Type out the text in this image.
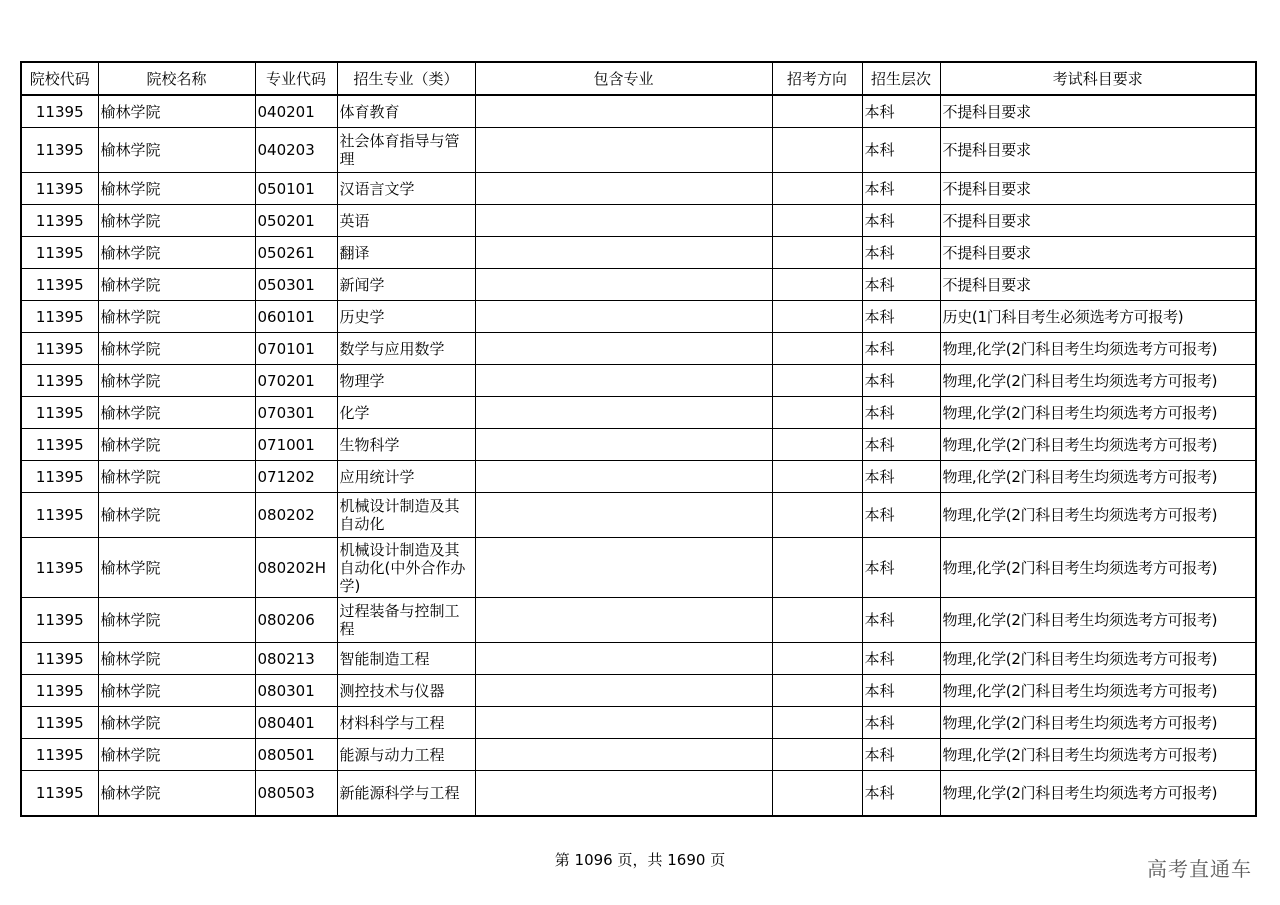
院校代码	院校名称	专业代码	招生专业（类）	包含专业	招考方向	招生层次	考试科目要求
11395	榆林学院	040201	体育教育			本科	不提科目要求
11395	榆林学院	040203	社会体育指导与管理			本科	不提科目要求
11395	榆林学院	050101	汉语言文学			本科	不提科目要求
11395	榆林学院	050201	英语			本科	不提科目要求
11395	榆林学院	050261	翻译			本科	不提科目要求
11395	榆林学院	050301	新闻学			本科	不提科目要求
11395	榆林学院	060101	历史学			本科	历史(1门科目考生必须选考方可报考)
11395	榆林学院	070101	数学与应用数学			本科	物理,化学(2门科目考生均须选考方可报考)
11395	榆林学院	070201	物理学			本科	物理,化学(2门科目考生均须选考方可报考)
11395	榆林学院	070301	化学			本科	物理,化学(2门科目考生均须选考方可报考)
11395	榆林学院	071001	生物科学			本科	物理,化学(2门科目考生均须选考方可报考)
11395	榆林学院	071202	应用统计学			本科	物理,化学(2门科目考生均须选考方可报考)
11395	榆林学院	080202	机械设计制造及其自动化			本科	物理,化学(2门科目考生均须选考方可报考)
11395	榆林学院	080202H	机械设计制造及其自动化(中外合作办学)			本科	物理,化学(2门科目考生均须选考方可报考)
11395	榆林学院	080206	过程装备与控制工程			本科	物理,化学(2门科目考生均须选考方可报考)
11395	榆林学院	080213	智能制造工程			本科	物理,化学(2门科目考生均须选考方可报考)
11395	榆林学院	080301	测控技术与仪器			本科	物理,化学(2门科目考生均须选考方可报考)
11395	榆林学院	080401	材料科学与工程			本科	物理,化学(2门科目考生均须选考方可报考)
11395	榆林学院	080501	能源与动力工程			本科	物理,化学(2门科目考生均须选考方可报考)
11395	榆林学院	080503	新能源科学与工程			本科	物理,化学(2门科目考生均须选考方可报考)
第 1096 页，共 1690 页	高考直通车
